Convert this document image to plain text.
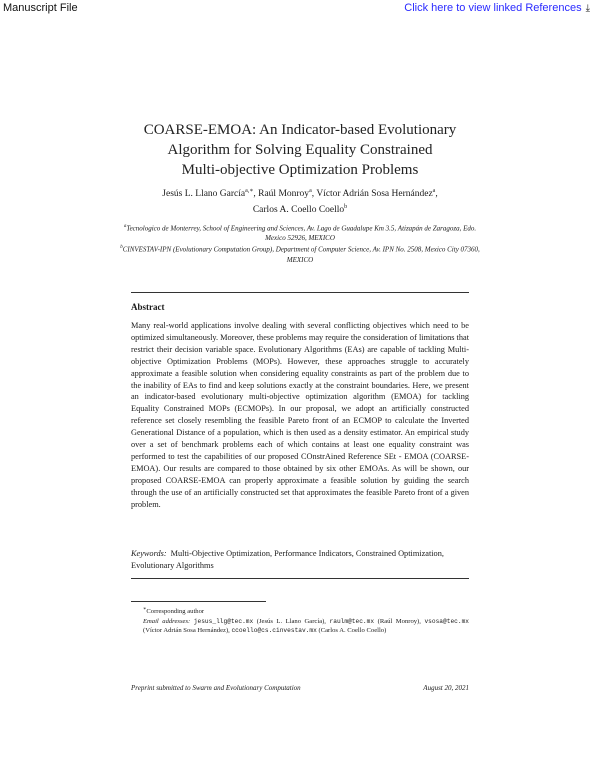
Manuscript File	Click here to view linked References ⤓
COARSE-EMOA: An Indicator-based Evolutionary
Algorithm for Solving Equality Constrained
Multi-objective Optimization Problems
Jesús L. Llano García$^{a,∗}$, Raúl Monroy$^a$, Víctor Adrián Sosa Hernández$^a$,
Carlos A. Coello Coello$^b$
$^a$Tecnologico de Monterrey, School of Engineering and Sciences, Av. Lago de Guadalupe Km 3.5, Atizapán de Zaragoza, Edo. Mexico 52926, MEXICO
$^b$CINVESTAV-IPN (Evolutionary Computation Group), Department of Computer Science, Av. IPN No. 2508, Mexico City 07360, MEXICO
Abstract
Many real-world applications involve dealing with several conflicting objectives which need to be optimized simultaneously. Moreover, these problems may require the consideration of limitations that restrict their decision variable space. Evolutionary Algorithms (EAs) are capable of tackling Multi-objective Optimization Problems (MOPs). However, these approaches struggle to accurately approximate a feasible solution when considering equality constraints as part of the problem due to the inability of EAs to find and keep solutions exactly at the constraint boundaries. Here, we present an indicator-based evolutionary multi-objective optimization algorithm (EMOA) for tackling Equality Constrained MOPs (ECMOPs). In our proposal, we adopt an artificially constructed reference set closely resembling the feasible Pareto front of an ECMOP to calculate the Inverted Generational Distance of a population, which is then used as a density estimator. An empirical study over a set of benchmark problems each of which contains at least one equality constraint was performed to test the capabilities of our proposed COnstrAined Reference SEt - EMOA (COARSE-EMOA). Our results are compared to those obtained by six other EMOAs. As will be shown, our proposed COARSE-EMOA can properly approximate a feasible solution by guiding the search through the use of an artificially constructed set that approximates the feasible Pareto front of a given problem.
Keywords: Multi-Objective Optimization, Performance Indicators, Constrained Optimization, Evolutionary Algorithms
∗Corresponding author
Email addresses: jesus_llg@tec.mx (Jesús L. Llano García), raulm@tec.mx (Raúl Monroy), vsosa@tec.mx (Víctor Adrián Sosa Hernández), ccoello@cs.cinvestav.mx (Carlos A. Coello Coello)
Preprint submitted to Swarm and Evolutionary Computation	August 20, 2021
